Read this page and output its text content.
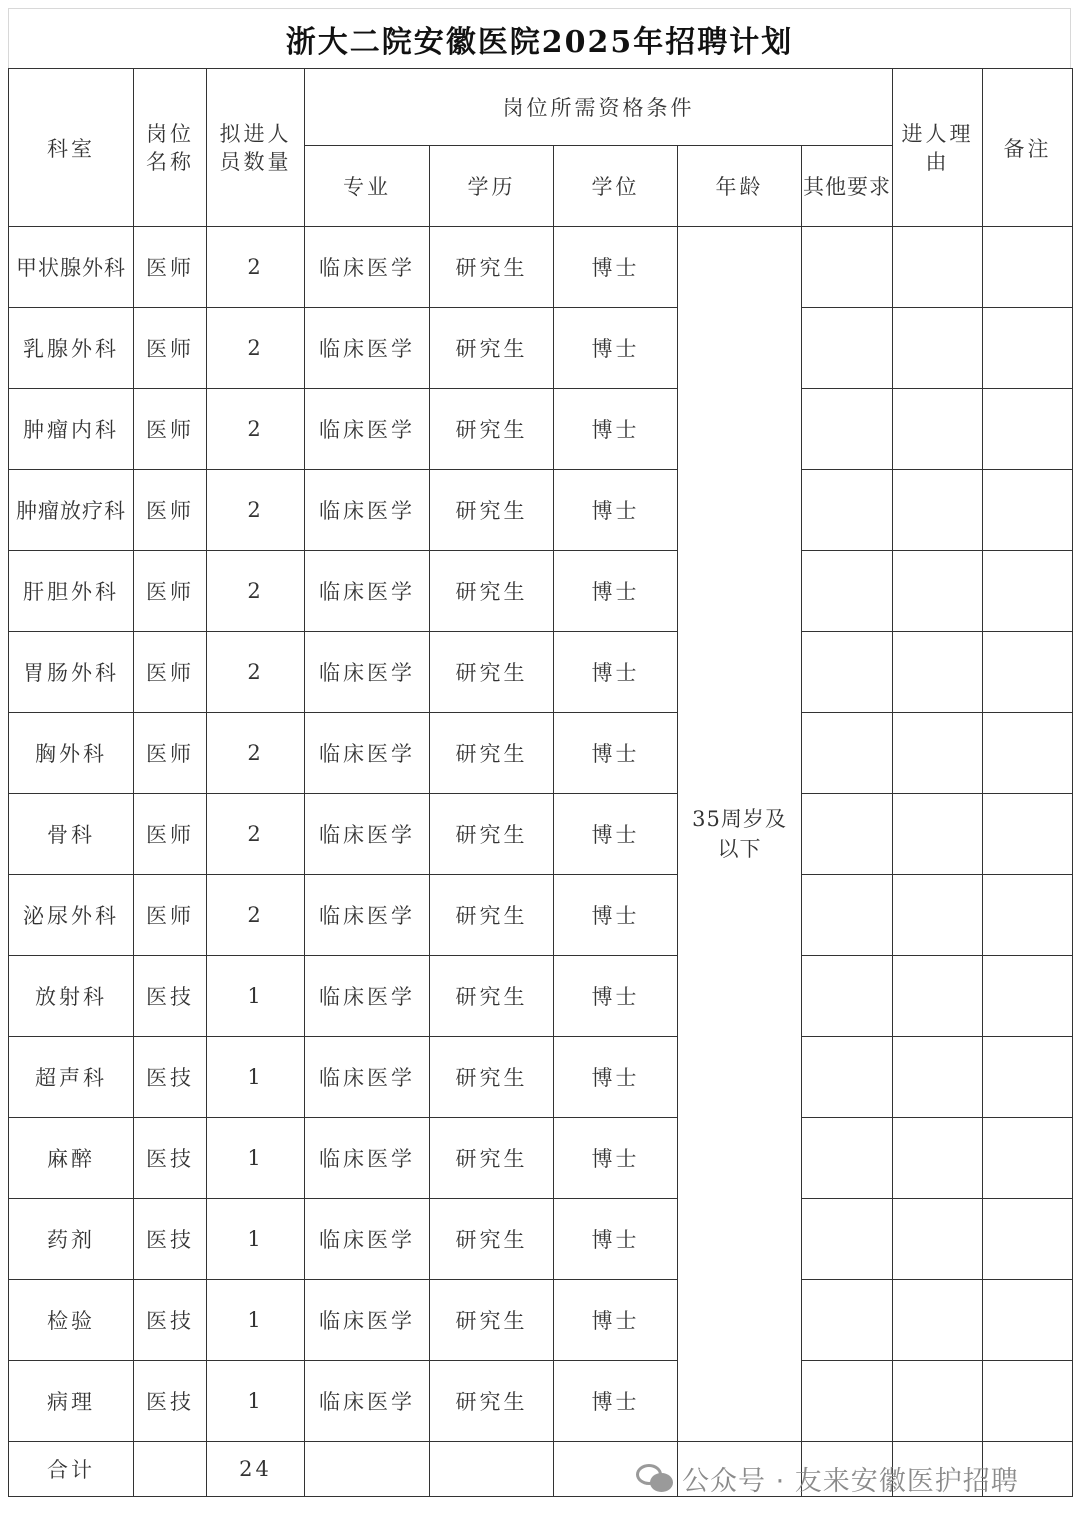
浙大二院安徽医院2025年招聘计划
科室	岗位名称	拟进人员数量	岗位所需资格条件					进人理由	备注
			专业	学历	学位	年龄	其他要求		
甲状腺外科	医师	2	临床医学	研究生	博士	35周岁及以下			
乳腺外科	医师	2	临床医学	研究生	博士				
肿瘤内科	医师	2	临床医学	研究生	博士				
肿瘤放疗科	医师	2	临床医学	研究生	博士				
肝胆外科	医师	2	临床医学	研究生	博士				
胃肠外科	医师	2	临床医学	研究生	博士				
胸外科	医师	2	临床医学	研究生	博士				
骨科	医师	2	临床医学	研究生	博士				
泌尿外科	医师	2	临床医学	研究生	博士				
放射科	医技	1	临床医学	研究生	博士				
超声科	医技	1	临床医学	研究生	博士				
麻醉	医技	1	临床医学	研究生	博士				
药剂	医技	1	临床医学	研究生	博士				
检验	医技	1	临床医学	研究生	博士				
病理	医技	1	临床医学	研究生	博士				
合计		24								公众号 · 友来安徽医护招聘
